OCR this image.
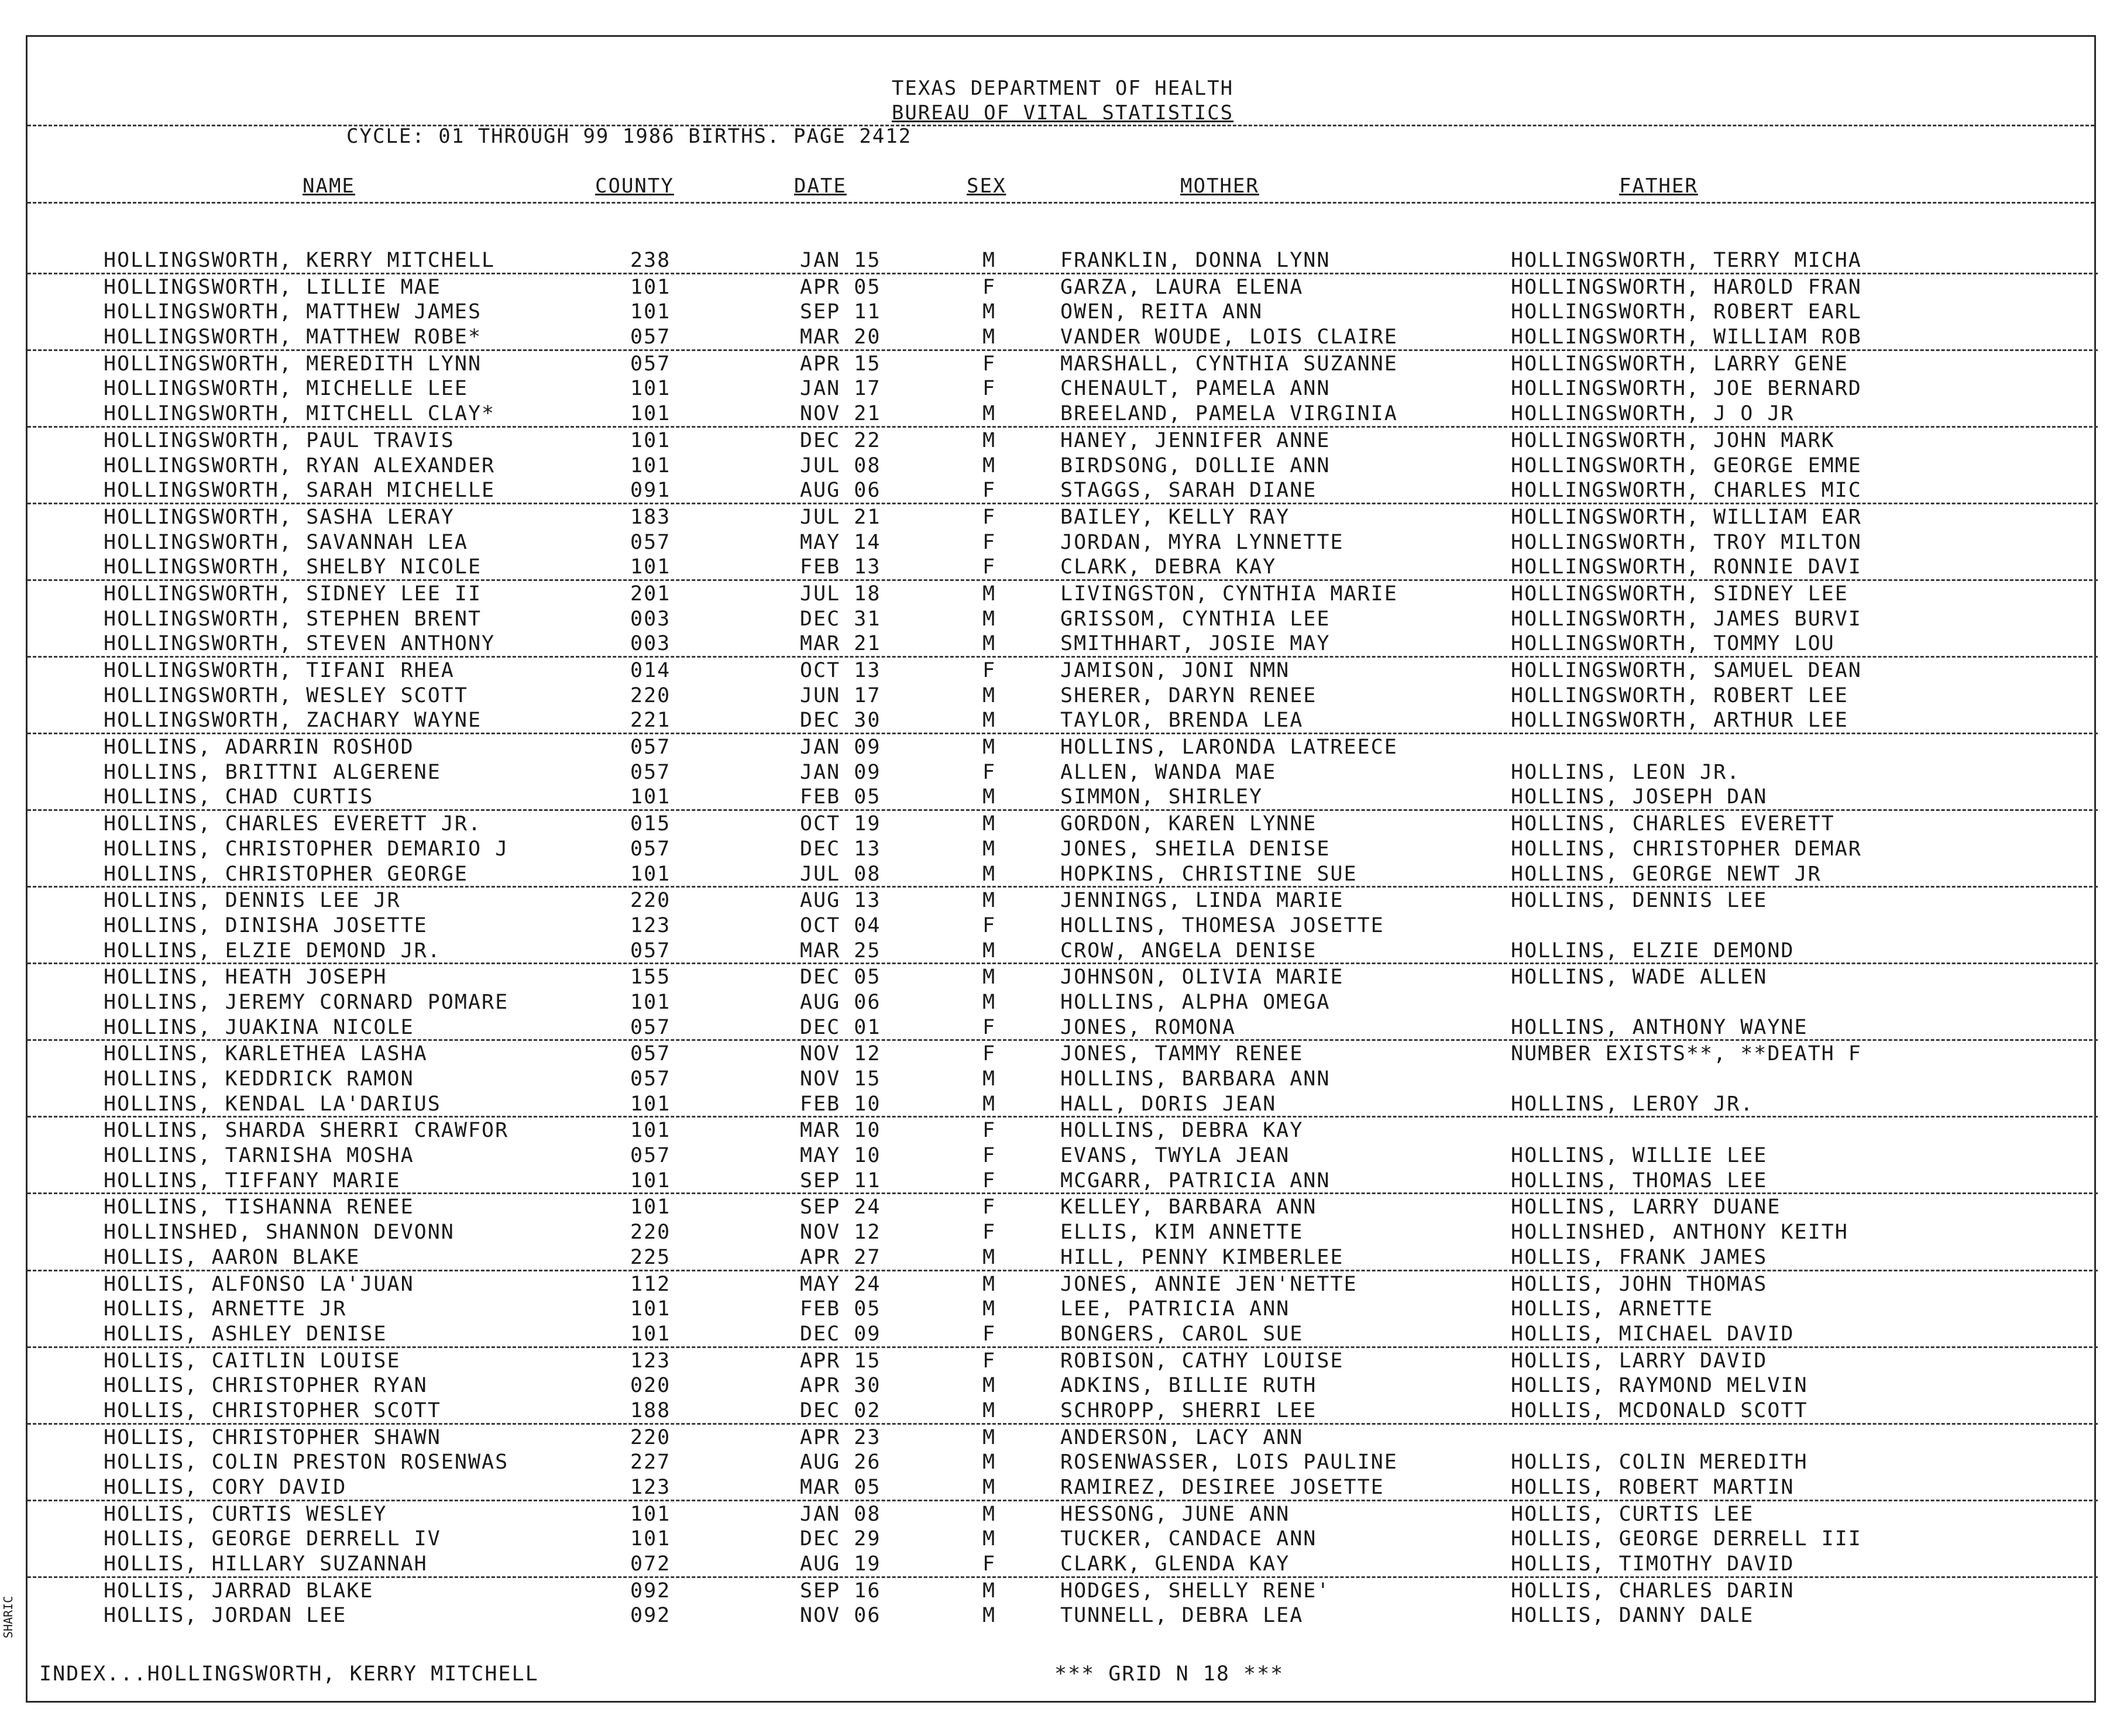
TEXAS DEPARTMENT OF HEALTH
BUREAU OF VITAL STATISTICS
CYCLE: 01 THROUGH 99 1986 BIRTHS. PAGE 2412
NAME	COUNTY	DATE	SEX	MOTHER	FATHER
HOLLINGSWORTH, KERRY MITCHELL	238	JAN 15	M	FRANKLIN, DONNA LYNN	HOLLINGSWORTH, TERRY MICHA
HOLLINGSWORTH, LILLIE MAE	101	APR 05	F	GARZA, LAURA ELENA	HOLLINGSWORTH, HAROLD FRAN
HOLLINGSWORTH, MATTHEW JAMES	101	SEP 11	M	OWEN, REITA ANN	HOLLINGSWORTH, ROBERT EARL
HOLLINGSWORTH, MATTHEW ROBE*	057	MAR 20	M	VANDER WOUDE, LOIS CLAIRE	HOLLINGSWORTH, WILLIAM ROB
HOLLINGSWORTH, MEREDITH LYNN	057	APR 15	F	MARSHALL, CYNTHIA SUZANNE	HOLLINGSWORTH, LARRY GENE
HOLLINGSWORTH, MICHELLE LEE	101	JAN 17	F	CHENAULT, PAMELA ANN	HOLLINGSWORTH, JOE BERNARD
HOLLINGSWORTH, MITCHELL CLAY*	101	NOV 21	M	BREELAND, PAMELA VIRGINIA	HOLLINGSWORTH, J O JR
HOLLINGSWORTH, PAUL TRAVIS	101	DEC 22	M	HANEY, JENNIFER ANNE	HOLLINGSWORTH, JOHN MARK
HOLLINGSWORTH, RYAN ALEXANDER	101	JUL 08	M	BIRDSONG, DOLLIE ANN	HOLLINGSWORTH, GEORGE EMME
HOLLINGSWORTH, SARAH MICHELLE	091	AUG 06	F	STAGGS, SARAH DIANE	HOLLINGSWORTH, CHARLES MIC
HOLLINGSWORTH, SASHA LERAY	183	JUL 21	F	BAILEY, KELLY RAY	HOLLINGSWORTH, WILLIAM EAR
HOLLINGSWORTH, SAVANNAH LEA	057	MAY 14	F	JORDAN, MYRA LYNNETTE	HOLLINGSWORTH, TROY MILTON
HOLLINGSWORTH, SHELBY NICOLE	101	FEB 13	F	CLARK, DEBRA KAY	HOLLINGSWORTH, RONNIE DAVI
HOLLINGSWORTH, SIDNEY LEE II	201	JUL 18	M	LIVINGSTON, CYNTHIA MARIE	HOLLINGSWORTH, SIDNEY LEE
HOLLINGSWORTH, STEPHEN BRENT	003	DEC 31	M	GRISSOM, CYNTHIA LEE	HOLLINGSWORTH, JAMES BURVI
HOLLINGSWORTH, STEVEN ANTHONY	003	MAR 21	M	SMITHHART, JOSIE MAY	HOLLINGSWORTH, TOMMY LOU
HOLLINGSWORTH, TIFANI RHEA	014	OCT 13	F	JAMISON, JONI NMN	HOLLINGSWORTH, SAMUEL DEAN
HOLLINGSWORTH, WESLEY SCOTT	220	JUN 17	M	SHERER, DARYN RENEE	HOLLINGSWORTH, ROBERT LEE
HOLLINGSWORTH, ZACHARY WAYNE	221	DEC 30	M	TAYLOR, BRENDA LEA	HOLLINGSWORTH, ARTHUR LEE
HOLLINS, ADARRIN ROSHOD	057	JAN 09	M	HOLLINS, LARONDA LATREECE
HOLLINS, BRITTNI ALGERENE	057	JAN 09	F	ALLEN, WANDA MAE	HOLLINS, LEON JR.
HOLLINS, CHAD CURTIS	101	FEB 05	M	SIMMON, SHIRLEY	HOLLINS, JOSEPH DAN
HOLLINS, CHARLES EVERETT JR.	015	OCT 19	M	GORDON, KAREN LYNNE	HOLLINS, CHARLES EVERETT
HOLLINS, CHRISTOPHER DEMARIO J	057	DEC 13	M	JONES, SHEILA DENISE	HOLLINS, CHRISTOPHER DEMAR
HOLLINS, CHRISTOPHER GEORGE	101	JUL 08	M	HOPKINS, CHRISTINE SUE	HOLLINS, GEORGE NEWT JR
HOLLINS, DENNIS LEE JR	220	AUG 13	M	JENNINGS, LINDA MARIE	HOLLINS, DENNIS LEE
HOLLINS, DINISHA JOSETTE	123	OCT 04	F	HOLLINS, THOMESA JOSETTE
HOLLINS, ELZIE DEMOND JR.	057	MAR 25	M	CROW, ANGELA DENISE	HOLLINS, ELZIE DEMOND
HOLLINS, HEATH JOSEPH	155	DEC 05	M	JOHNSON, OLIVIA MARIE	HOLLINS, WADE ALLEN
HOLLINS, JEREMY CORNARD POMARE	101	AUG 06	M	HOLLINS, ALPHA OMEGA
HOLLINS, JUAKINA NICOLE	057	DEC 01	F	JONES, ROMONA	HOLLINS, ANTHONY WAYNE
HOLLINS, KARLETHEA LASHA	057	NOV 12	F	JONES, TAMMY RENEE	NUMBER EXISTS**, **DEATH F
HOLLINS, KEDDRICK RAMON	057	NOV 15	M	HOLLINS, BARBARA ANN
HOLLINS, KENDAL LA'DARIUS	101	FEB 10	M	HALL, DORIS JEAN	HOLLINS, LEROY JR.
HOLLINS, SHARDA SHERRI CRAWFOR	101	MAR 10	F	HOLLINS, DEBRA KAY
HOLLINS, TARNISHA MOSHA	057	MAY 10	F	EVANS, TWYLA JEAN	HOLLINS, WILLIE LEE
HOLLINS, TIFFANY MARIE	101	SEP 11	F	MCGARR, PATRICIA ANN	HOLLINS, THOMAS LEE
HOLLINS, TISHANNA RENEE	101	SEP 24	F	KELLEY, BARBARA ANN	HOLLINS, LARRY DUANE
HOLLINSHED, SHANNON DEVONN	220	NOV 12	F	ELLIS, KIM ANNETTE	HOLLINSHED, ANTHONY KEITH
HOLLIS, AARON BLAKE	225	APR 27	M	HILL, PENNY KIMBERLEE	HOLLIS, FRANK JAMES
HOLLIS, ALFONSO LA'JUAN	112	MAY 24	M	JONES, ANNIE JEN'NETTE	HOLLIS, JOHN THOMAS
HOLLIS, ARNETTE JR	101	FEB 05	M	LEE, PATRICIA ANN	HOLLIS, ARNETTE
HOLLIS, ASHLEY DENISE	101	DEC 09	F	BONGERS, CAROL SUE	HOLLIS, MICHAEL DAVID
HOLLIS, CAITLIN LOUISE	123	APR 15	F	ROBISON, CATHY LOUISE	HOLLIS, LARRY DAVID
HOLLIS, CHRISTOPHER RYAN	020	APR 30	M	ADKINS, BILLIE RUTH	HOLLIS, RAYMOND MELVIN
HOLLIS, CHRISTOPHER SCOTT	188	DEC 02	M	SCHROPP, SHERRI LEE	HOLLIS, MCDONALD SCOTT
HOLLIS, CHRISTOPHER SHAWN	220	APR 23	M	ANDERSON, LACY ANN
HOLLIS, COLIN PRESTON ROSENWAS	227	AUG 26	M	ROSENWASSER, LOIS PAULINE	HOLLIS, COLIN MEREDITH
HOLLIS, CORY DAVID	123	MAR 05	M	RAMIREZ, DESIREE JOSETTE	HOLLIS, ROBERT MARTIN
HOLLIS, CURTIS WESLEY	101	JAN 08	M	HESSONG, JUNE ANN	HOLLIS, CURTIS LEE
HOLLIS, GEORGE DERRELL IV	101	DEC 29	M	TUCKER, CANDACE ANN	HOLLIS, GEORGE DERRELL III
HOLLIS, HILLARY SUZANNAH	072	AUG 19	F	CLARK, GLENDA KAY	HOLLIS, TIMOTHY DAVID
HOLLIS, JARRAD BLAKE	092	SEP 16	M	HODGES, SHELLY RENE'	HOLLIS, CHARLES DARIN
HOLLIS, JORDAN LEE	092	NOV 06	M	TUNNELL, DEBRA LEA	HOLLIS, DANNY DALE
INDEX...HOLLINGSWORTH, KERRY MITCHELL	*** GRID N 18 ***
SHARIC
